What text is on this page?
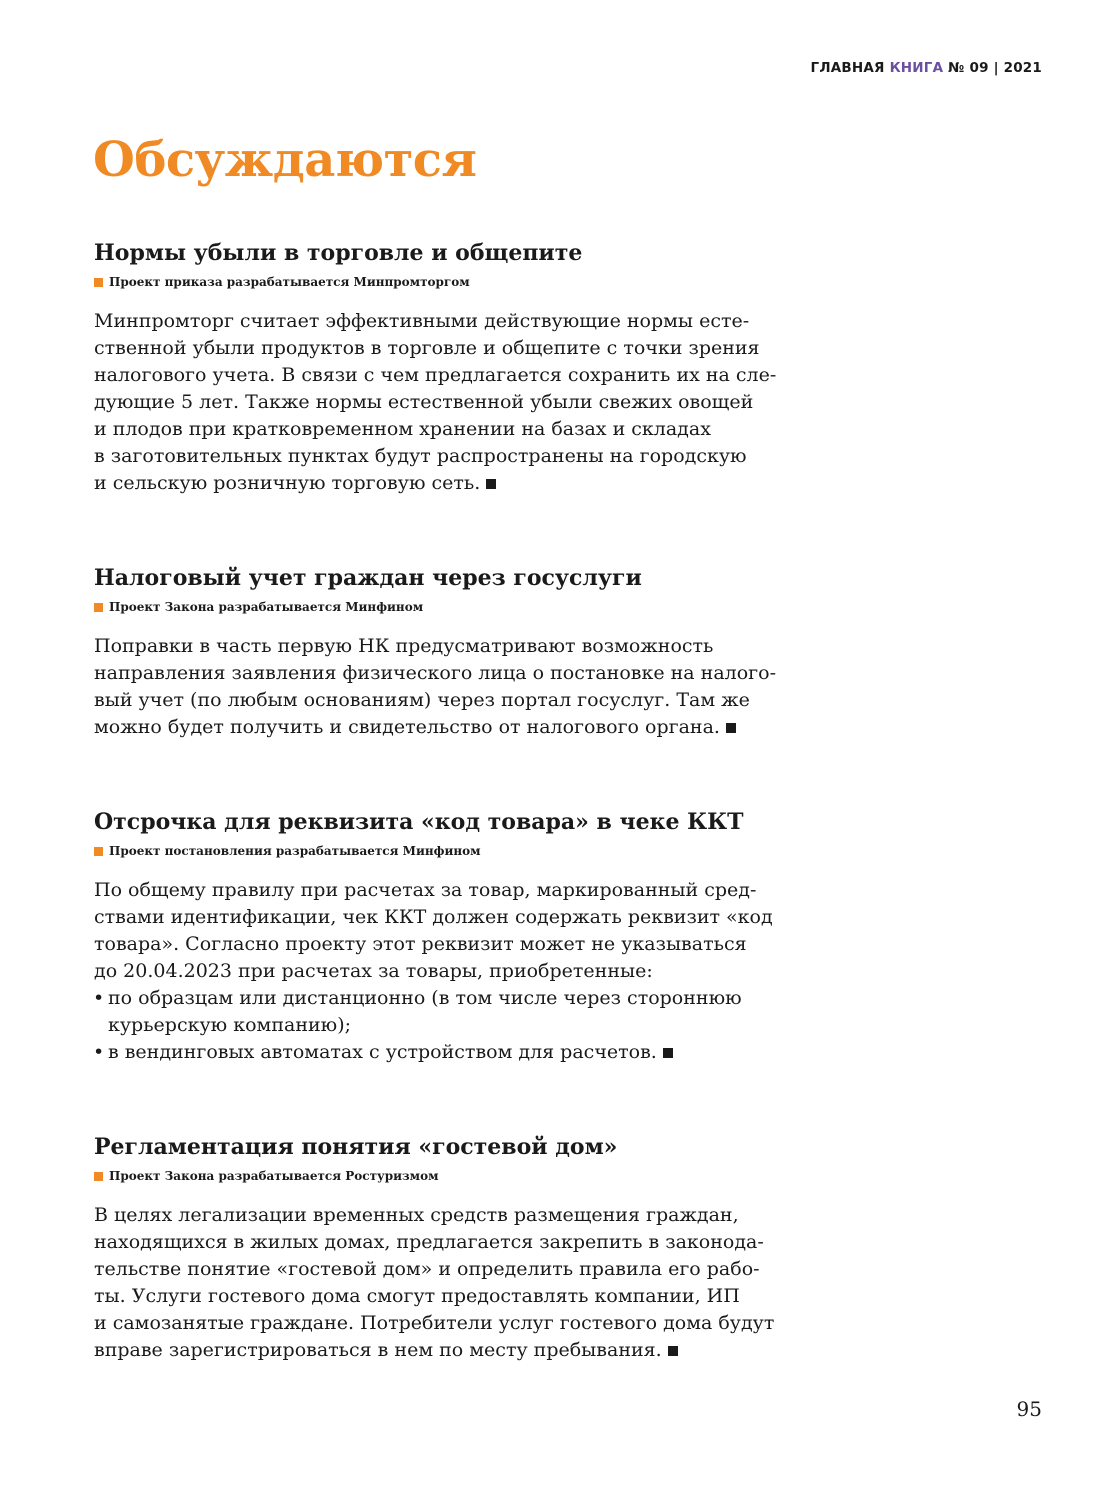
ГЛАВНАЯ КНИГА № 09 | 2021
Обсуждаются
Нормы убыли в торговле и общепите
Проект приказа разрабатывается Минпромторгом
Минпромторг считает эффективными действующие нормы есте-
ственной убыли продуктов в торговле и общепите с точки зрения
налогового учета. В связи с чем предлагается сохранить их на сле-
дующие 5 лет. Также нормы естественной убыли свежих овощей
и плодов при кратковременном хранении на базах и складах
в заготовительных пунктах будут распространены на городскую
и сельскую розничную торговую сеть.
Налоговый учет граждан через госуслуги
Проект Закона разрабатывается Минфином
Поправки в часть первую НК предусматривают возможность
направления заявления физического лица о постановке на налого-
вый учет (по любым основаниям) через портал госуслуг. Там же
можно будет получить и свидетельство от налогового органа.
Отсрочка для реквизита «код товара» в чеке ККТ
Проект постановления разрабатывается Минфином
По общему правилу при расчетах за товар, маркированный сред-
ствами идентификации, чек ККТ должен содержать реквизит «код
товара». Согласно проекту этот реквизит может не указываться
до 20.04.2023 при расчетах за товары, приобретенные:
• по образцам или дистанционно (в том числе через стороннюю
курьерскую компанию);
• в вендинговых автоматах с устройством для расчетов.
Регламентация понятия «гостевой дом»
Проект Закона разрабатывается Ростуризмом
В целях легализации временных средств размещения граждан,
находящихся в жилых домах, предлагается закрепить в законода-
тельстве понятие «гостевой дом» и определить правила его рабо-
ты. Услуги гостевого дома смогут предоставлять компании, ИП
и самозанятые граждане. Потребители услуг гостевого дома будут
вправе зарегистрироваться в нем по месту пребывания.
95
